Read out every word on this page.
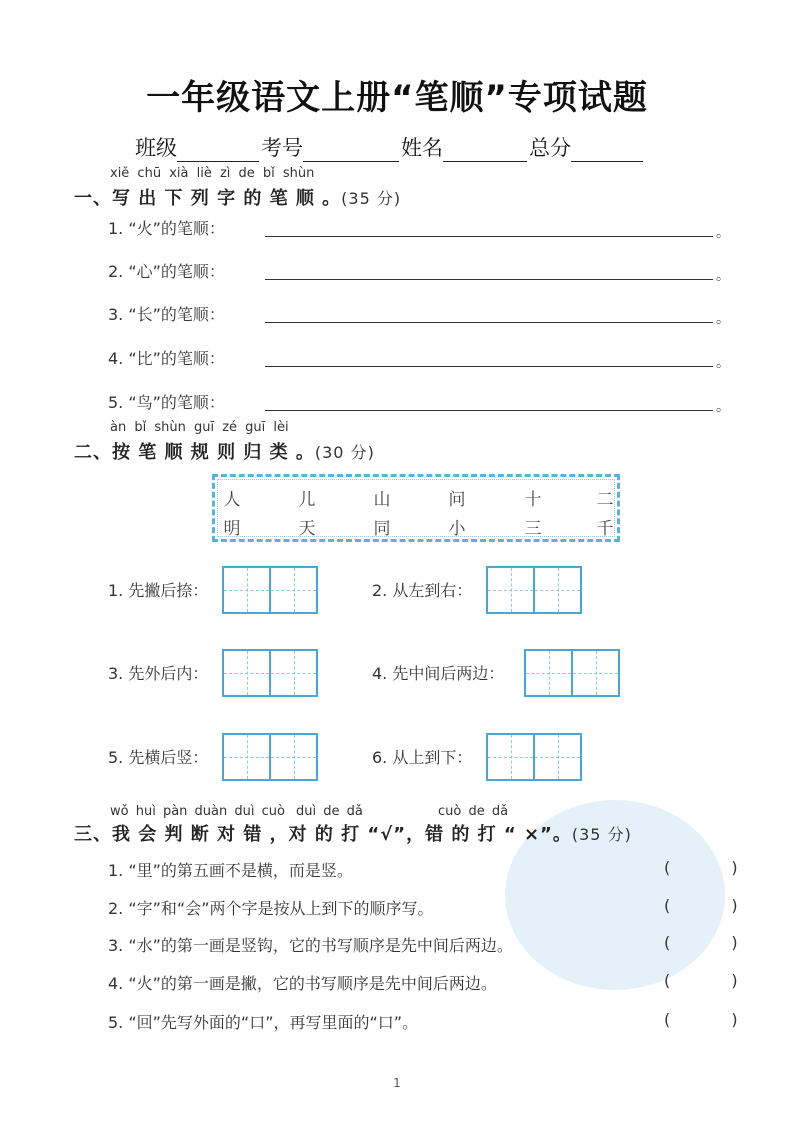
一年级语文上册“笔顺”专项试题
班级	考号	姓名	总分
xiě chū xià liè zì de bǐ shùn
一、写 出 下 列 字 的 笔 顺 。(35 分)
1. “火”的笔顺：	。
2. “心”的笔顺：	。
3. “长”的笔顺：	。
4. “比”的笔顺：	。
5. “鸟”的笔顺：	。
àn bǐ shùn guī zé guī lèi
二、按 笔 顺 规 则 归 类 。(30 分)
人	儿	山	问	十	二
明	天	同	小	三	千
1. 先撇后捺：	2. 从左到右：
3. 先外后内：	4. 先中间后两边：
5. 先横后竖：	6. 从上到下：
wǒ huì pàn duàn duì cuò duì de dǎ	cuò de dǎ
三、我 会 判 断 对 错 ，对 的 打 “√”，错 的 打 “ ×”。(35 分)
1. “里”的第五画不是横，而是竖。	( )
2. “字”和“会”两个字是按从上到下的顺序写。	( )
3. “水”的第一画是竖钩，它的书写顺序是先中间后两边。	( )
4. “火”的第一画是撇，它的书写顺序是先中间后两边。	( )
5. “回”先写外面的“口”，再写里面的“口”。	( )
1
